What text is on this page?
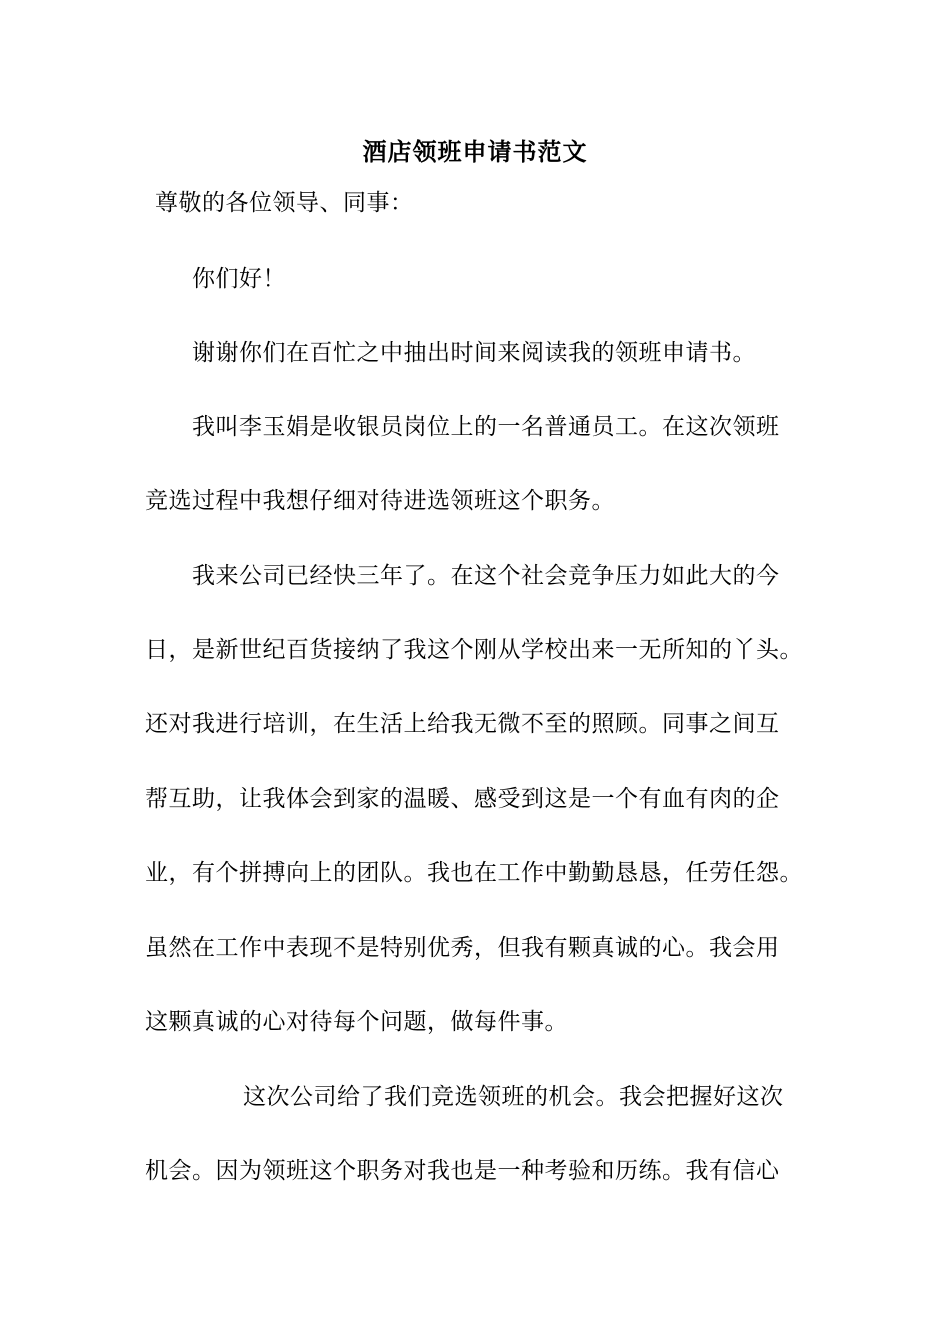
酒店领班申请书范文
尊敬的各位领导、同事：
你们好！
谢谢你们在百忙之中抽出时间来阅读我的领班申请书。
我叫李玉娟是收银员岗位上的一名普通员工。在这次领班
竞选过程中我想仔细对待进选领班这个职务。
我来公司已经快三年了。在这个社会竞争压力如此大的今
日，是新世纪百货接纳了我这个刚从学校出来一无所知的丫头。
还对我进行培训，在生活上给我无微不至的照顾。同事之间互
帮互助，让我体会到家的温暖、感受到这是一个有血有肉的企
业，有个拼搏向上的团队。我也在工作中勤勤恳恳，任劳任怨。
虽然在工作中表现不是特别优秀，但我有颗真诚的心。我会用
这颗真诚的心对待每个问题，做每件事。
这次公司给了我们竞选领班的机会。我会把握好这次
机会。因为领班这个职务对我也是一种考验和历练。我有信心
